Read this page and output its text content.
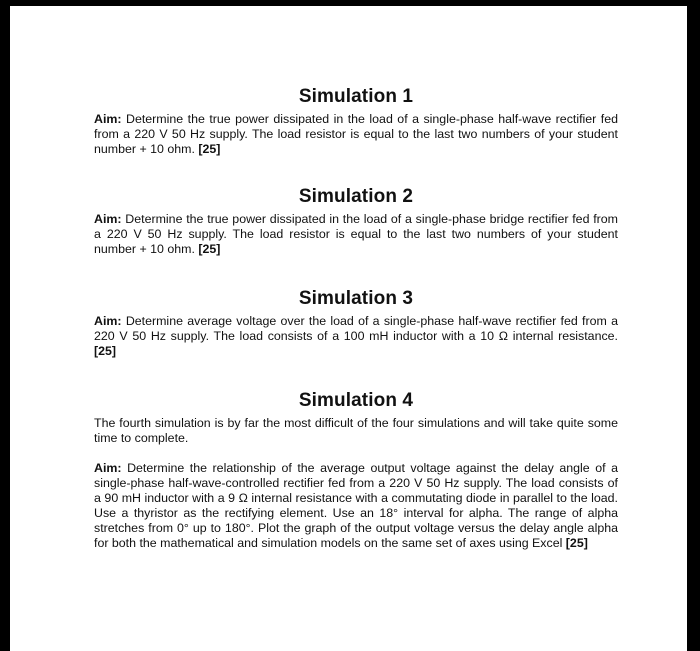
Simulation 1

Aim: Determine the true power dissipated in the load of a single-phase half-wave rectifier fed from a 220 V 50 Hz supply. The load resistor is equal to the last two numbers of your student number + 10 ohm. [25]

Simulation 2

Aim: Determine the true power dissipated in the load of a single-phase bridge rectifier fed from a 220 V 50 Hz supply. The load resistor is equal to the last two numbers of your student number + 10 ohm. [25]

Simulation 3

Aim: Determine average voltage over the load of a single-phase half-wave rectifier fed from a 220 V 50 Hz supply. The load consists of a 100 mH inductor with a 10 Ω internal resistance. [25]

Simulation 4

The fourth simulation is by far the most difficult of the four simulations and will take quite some time to complete.

Aim: Determine the relationship of the average output voltage against the delay angle of a single-phase half-wave-controlled rectifier fed from a 220 V 50 Hz supply. The load consists of a 90 mH inductor with a 9 Ω internal resistance with a commutating diode in parallel to the load. Use a thyristor as the rectifying element. Use an 18° interval for alpha. The range of alpha stretches from 0° up to 180°. Plot the graph of the output voltage versus the delay angle alpha for both the mathematical and simulation models on the same set of axes using Excel [25]
